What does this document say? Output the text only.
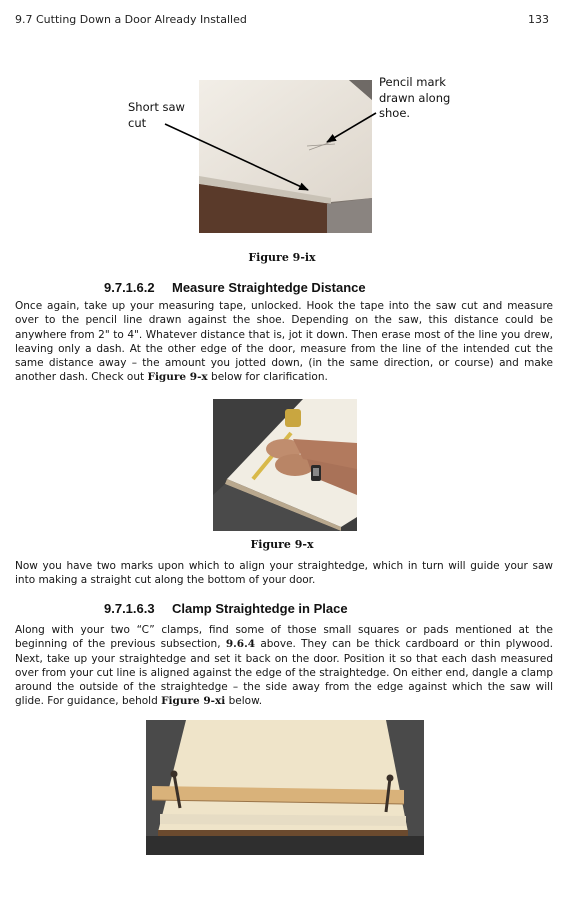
9.7 Cutting Down a Door Already Installed	133
Short saw
cut
Pencil mark
drawn along
shoe.
Figure 9-ix
9.7.1.6.2 Measure Straightedge Distance
Once again, take up your measuring tape, unlocked. Hook the tape into the saw cut and measure over to the pencil line drawn against the shoe. Depending on the saw, this distance could be anywhere from 2" to 4". Whatever distance that is, jot it down. Then erase most of the line you drew, leaving only a dash. At the other edge of the door, measure from the line of the intended cut the same distance away – the amount you jotted down, (in the same direction, or course) and make another dash. Check out Figure 9-x below for clarification.
Figure 9-x
Now you have two marks upon which to align your straightedge, which in turn will guide your saw into making a straight cut along the bottom of your door.
9.7.1.6.3 Clamp Straightedge in Place
Along with your two “C” clamps, find some of those small squares or pads mentioned at the beginning of the previous subsection, 9.6.4 above. They can be thick cardboard or thin plywood. Next, take up your straightedge and set it back on the door. Position it so that each dash measured over from your cut line is aligned against the edge of the straightedge. On either end, dangle a clamp around the outside of the straightedge – the side away from the edge against which the saw will glide. For guidance, behold Figure 9-xi below.
